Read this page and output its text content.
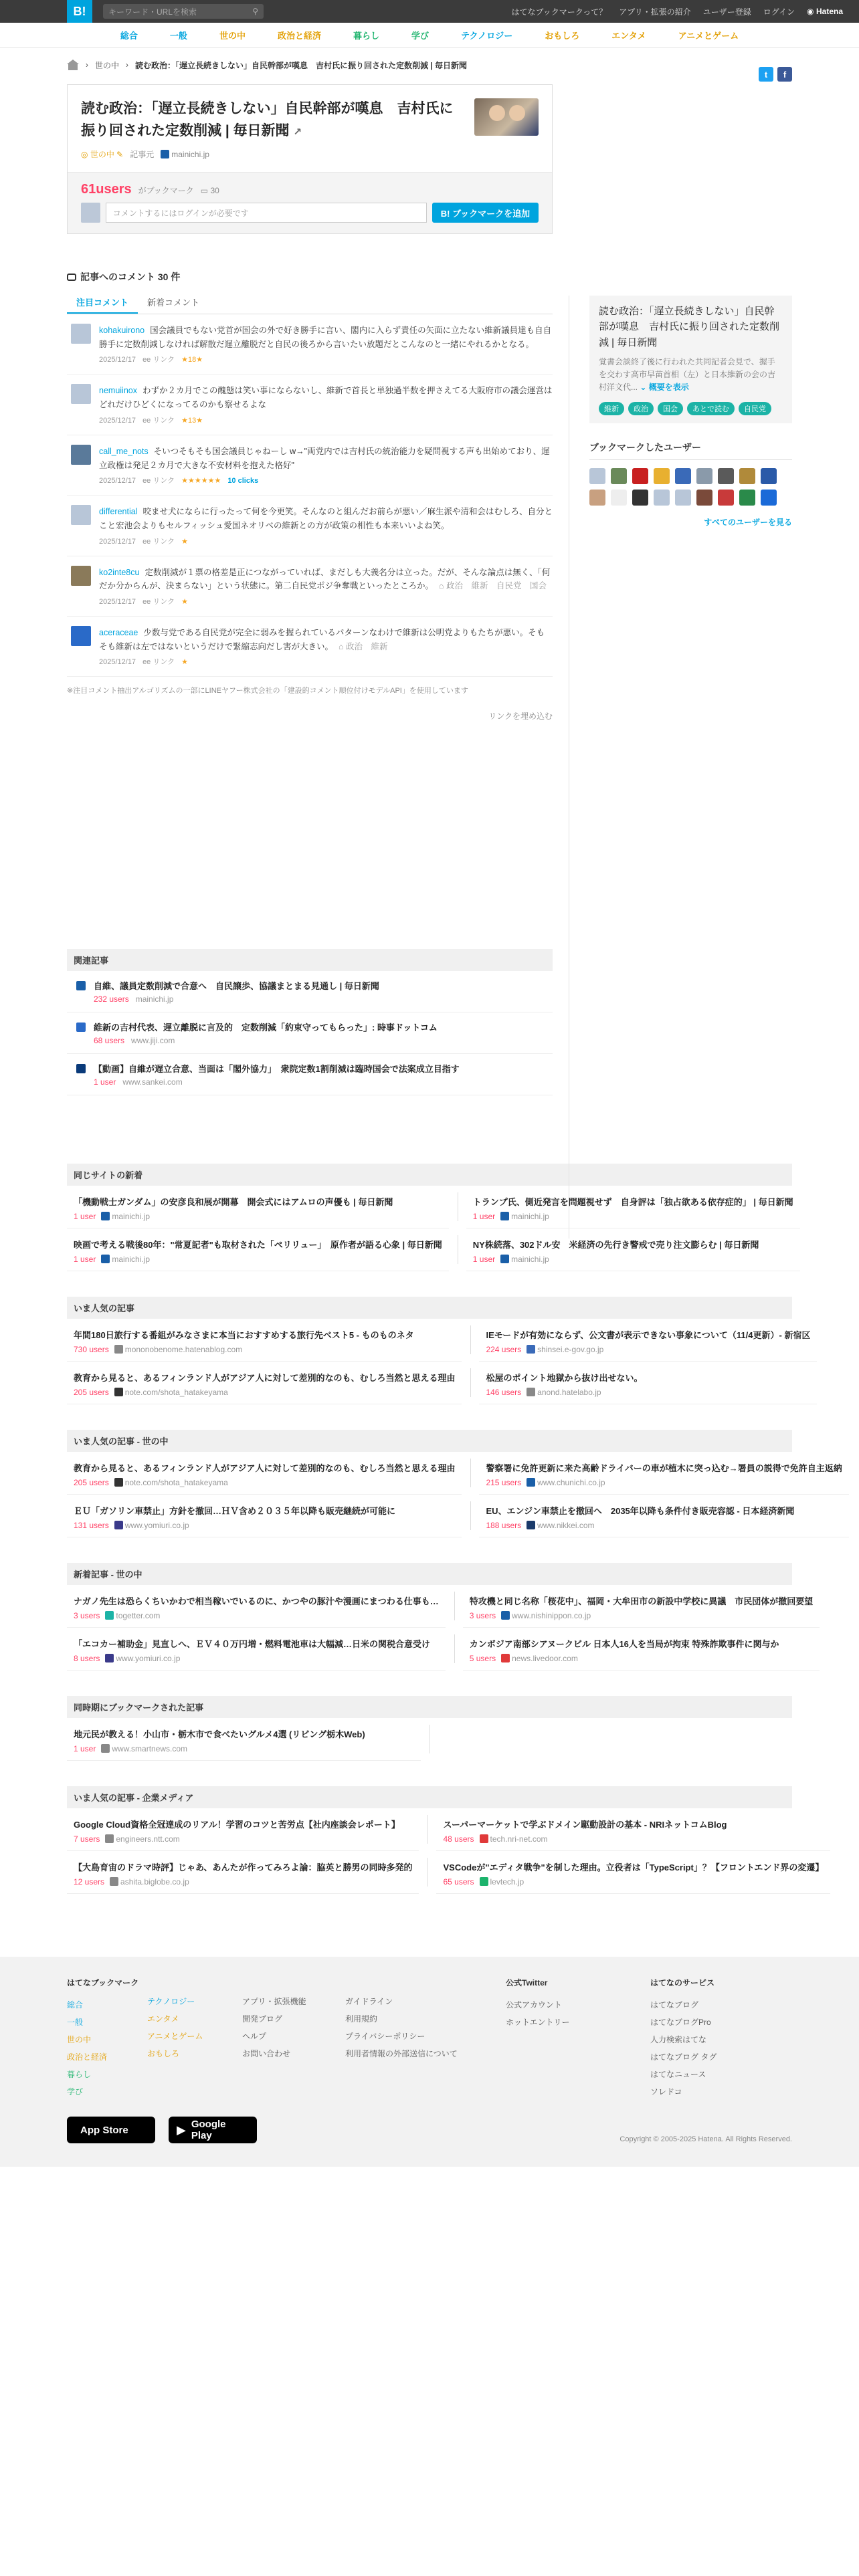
B!	キーワード・URLを検索	⚲	はてなブックマークって？ アプリ・拡張の紹介 ユーザー登録 ログイン ◉ Hatena
総合	一般	世の中	政治と経済	暮らし	学び	テクノロジー	おもしろ	エンタメ	アニメとゲーム
› 世の中 › 読む政治：「遅立長続きしない」自民幹部が嘆息　吉村氏に振り回された定数削減 | 毎日新聞
t	f
読む政治：「遅立長続きしない」自民幹部が嘆息　吉村氏に振り回された定数削減 | 毎日新聞 ↗
◎ 世の中 ✎ 記事元	mainichi.jp
61users がブックマーク ▭ 30
コメントするにはログインが必要です	B! ブックマークを追加
読む政治：「遅立長続きしない」自民幹部が嘆息　吉村氏に振り回された定数削減 | 毎日新聞
覚書会談終了後に行われた共同記者会見で、握手を交わす高市早苗首相（左）と日本維新の会の吉村洋文代... ⌄ 概要を表示
維新	政治	国会	あとで読む	自民党
ブックマークしたユーザー
すべてのユーザーを見る
記事へのコメント 30 件
注目コメント	新着コメント
kohakuirono 国会議員でもない党首が国会の外で好き勝手に言い、閣内に入らず責任の矢面に立たない維新議員達も自自勝手に定数削減しなければ解散だ遅立離脱だと自民の後ろから言いたい放題だとこんなのと一緒にやれるかとなる。
2025/12/17 ee リンク ★18★
nemuiinox わずか２カ月でこの醜態は笑い事にならないし、維新で首長と単独過半数を押さえてる大阪府市の議会運営はどれだけひどくになってるのかも察せるよな
2025/12/17 ee リンク ★13★
call_me_nots そいつそもそも国会議員じゃねーし w→"両党内では吉村氏の統治能力を疑問視する声も出始めており、遅立政権は発足２カ月で大きな不安材料を抱えた格好"
2025/12/17 ee リンク ★★★★★★ 10 clicks
differential 咬ませ犬にならに行ったって何を今更笑。そんなのと組んだお前らが悪い／麻生派や清和会はむしろ、自分とこと宏池会よりもセルフィッシュ愛国ネオリベの維新との方が政策の相性も本来いいよね笑。
2025/12/17 ee リンク ★
ko2inte8cu 定数削減が１票の格差是正につながっていれば、まだしも大義名分は立った。だが、そんな論点は無く、「何だか分からんが、決まらない」という状態に。第二自民党ポジ争奪戦といったところか。 ⌂ 政治　維新　自民党　国会
2025/12/17 ee リンク ★
aceraceae 少数与党である自民党が完全に弱みを握られているパターンなわけで維新は公明党よりもたちが悪い。そもそも維新は左ではないというだけで緊縮志向だし害が大きい。 ⌂ 政治　維新
2025/12/17 ee リンク ★
※注目コメント抽出アルゴリズムの一部にLINEヤフー株式会社の「建設的コメント順位付けモデルAPI」を使用しています
リンクを埋め込む
関連記事
自維、議員定数削減で合意へ　自民譲歩、協議まとまる見通し | 毎日新聞
232 users mainichi.jp
維新の吉村代表、遅立離脱に言及的　定数削減「約束守ってもらった」: 時事ドットコム
68 users www.jiji.com
【動画】自維が遅立合意、当面は「閣外協力」　衆院定数1割削減は臨時国会で法案成立目指す
1 user www.sankei.com
同じサイトの新着
「機動戦士ガンダム」の安彦良和展が開幕　開会式にはアムロの声優も | 毎日新聞
1 user mainichi.jp
トランプ氏、側近発言を問題視せず　自身評は「独占欲ある依存症的」 | 毎日新聞
1 user mainichi.jp
映画で考える戦後80年："常夏記者"も取材された「ペリリュー」　原作者が語る心象 | 毎日新聞
1 user mainichi.jp
NY株続落、302ドル安　米経済の先行き警戒で売り注文膨らむ | 毎日新聞
1 user mainichi.jp
いま人気の記事
年間180日旅行する番組がみなさまに本当におすすめする旅行先ベスト5 - ものものネタ
730 users mononobenome.hatenablog.com
IEモードが有効にならず、公文書が表示できない事象について（11/4更新）- 新宿区
224 users shinsei.e-gov.go.jp
教育から見ると、あるフィンランド人がアジア人に対して差別的なのも、むしろ当然と思える理由
205 users note.com/shota_hatakeyama
松屋のポイント地獄から抜け出せない。
146 users anond.hatelabo.jp
いま人気の記事 - 世の中
教育から見ると、あるフィンランド人がアジア人に対して差別的なのも、むしろ当然と思える理由
205 users note.com/shota_hatakeyama
警察署に免許更新に来た高齢ドライバーの車が植木に突っ込む→署員の説得で免許自主返納
215 users www.chunichi.co.jp
ＥＵ「ガソリン車禁止」方針を撤回…ＨＶ含め２０３５年以降も販売継続が可能に
131 users www.yomiuri.co.jp
EU、エンジン車禁止を撤回へ　2035年以降も条件付き販売容認 - 日本経済新聞
188 users www.nikkei.com
新着記事 - 世の中
ナガノ先生は恐らくちいかわで相当稼いでいるのに、かつやの豚汁や漫画にまつわる仕事も…
3 users togetter.com
特攻機と同じ名称「桜花中」、福岡・大牟田市の新設中学校に異議　市民団体が撤回要望
3 users www.nishinippon.co.jp
「エコカー補助金」見直しへ、ＥＶ４０万円増・燃料電池車は大幅減…日米の関税合意受け
8 users www.yomiuri.co.jp
カンボジア南部シアヌークビル 日本人16人を当局が拘束 特殊詐欺事件に関与か
5 users news.livedoor.com
同時期にブックマークされた記事
地元民が教える！小山市・栃木市で食べたいグルメ4選 (リビング栃木Web)
1 user www.smartnews.com
いま人気の記事 - 企業メディア
Google Cloud資格全冠達成のリアル！学習のコツと苦労点【社内座談会レポート】
7 users engineers.ntt.com
スーパーマーケットで学ぶドメイン駆動設計の基本 - NRIネットコムBlog
48 users tech.nri-net.com
【大島育宙のドラマ時評】じゃあ、あんたが作ってみろよ論：脇英と勝男の同時多発的
12 users ashita.biglobe.co.jp
VSCodeが"エディタ戦争"を制した理由。立役者は「TypeScript」？【フロントエンド界の変遷】
65 users levtech.jp
はてなブックマーク
総合
一般
世の中
政治と経済
暮らし
学び
テクノロジー
エンタメ
アニメとゲーム
おもしろ
アプリ・拡張機能
開発ブログ
ヘルプ
お問い合わせ
ガイドライン
利用規約
プライバシーポリシー
利用者情報の外部送信について
公式Twitter
公式アカウント
ホットエントリー
はてなのサービス
はてなブログ
はてなブログPro
人力検索はてな
はてなブログ タグ
はてなニュース
ソレドコ
App Store	▶ Google Play	Copyright © 2005-2025 Hatena. All Rights Reserved.
